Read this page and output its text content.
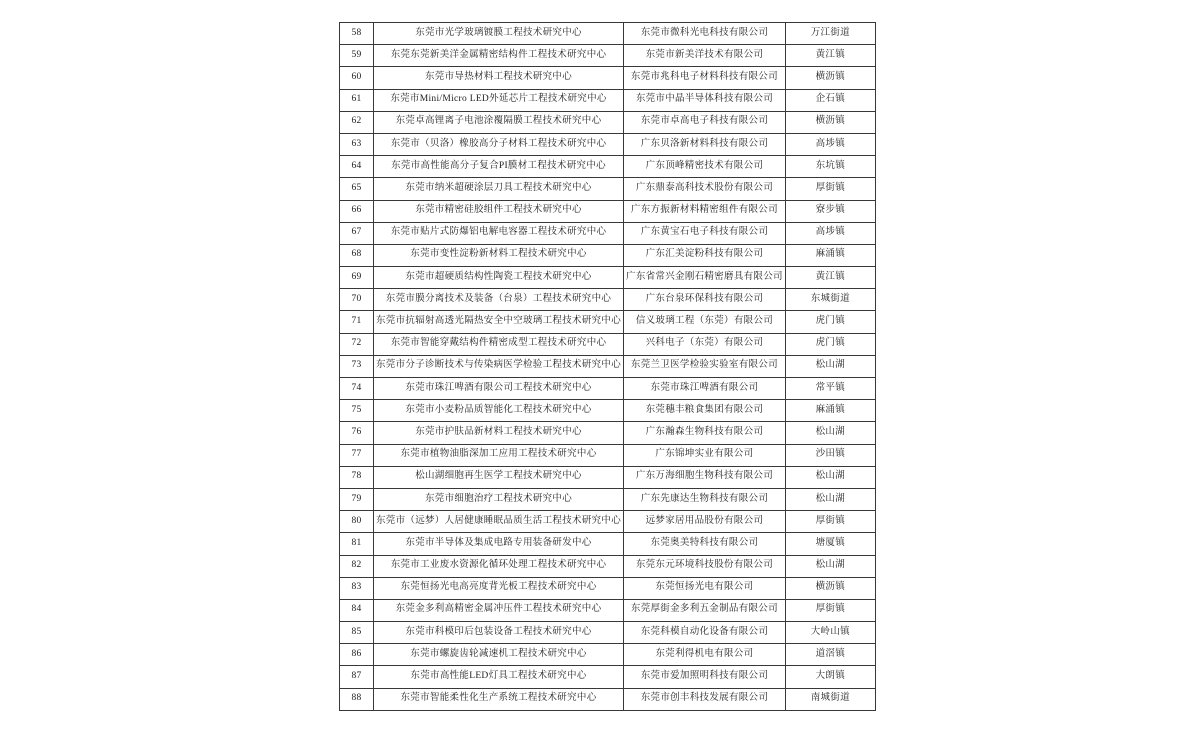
58	东莞市光学玻璃镀膜工程技术研究中心	东莞市微科光电科技有限公司	万江街道
59	东莞东莞新美洋金属精密结构件工程技术研究中心	东莞市新美洋技术有限公司	黄江镇
60	东莞市导热材料工程技术研究中心	东莞市兆科电子材料科技有限公司	横沥镇
61	东莞市Mini/Micro LED外延芯片工程技术研究中心	东莞市中晶半导体科技有限公司	企石镇
62	东莞卓高锂离子电池涂覆隔膜工程技术研究中心	东莞市卓高电子科技有限公司	横沥镇
63	东莞市（贝洛）橡胶高分子材料工程技术研究中心	广东贝洛新材料科技有限公司	高埗镇
64	东莞市高性能高分子复合PI膜材工程技术研究中心	广东顶峰精密技术有限公司	东坑镇
65	东莞市纳米超硬涂层刀具工程技术研究中心	广东鼎泰高科技术股份有限公司	厚街镇
66	东莞市精密硅胶组件工程技术研究中心	广东方振新材料精密组件有限公司	寮步镇
67	东莞市贴片式防爆铝电解电容器工程技术研究中心	广东黄宝石电子科技有限公司	高埗镇
68	东莞市变性淀粉新材料工程技术研究中心	广东汇美淀粉科技有限公司	麻涌镇
69	东莞市超硬质结构性陶瓷工程技术研究中心	广东省常兴金刚石精密磨具有限公司	黄江镇
70	东莞市膜分离技术及装备（台泉）工程技术研究中心	广东台泉环保科技有限公司	东城街道
71	东莞市抗辐射高透光隔热安全中空玻璃工程技术研究中心	信义玻璃工程（东莞）有限公司	虎门镇
72	东莞市智能穿戴结构件精密成型工程技术研究中心	兴科电子（东莞）有限公司	虎门镇
73	东莞市分子诊断技术与传染病医学检验工程技术研究中心	东莞兰卫医学检验实验室有限公司	松山湖
74	东莞市珠江啤酒有限公司工程技术研究中心	东莞市珠江啤酒有限公司	常平镇
75	东莞市小麦粉品质智能化工程技术研究中心	东莞穗丰粮食集团有限公司	麻涌镇
76	东莞市护肤品新材料工程技术研究中心	广东瀚森生物科技有限公司	松山湖
77	东莞市植物油脂深加工应用工程技术研究中心	广东锦坤实业有限公司	沙田镇
78	松山湖细胞再生医学工程技术研究中心	广东万海细胞生物科技有限公司	松山湖
79	东莞市细胞治疗工程技术研究中心	广东先康达生物科技有限公司	松山湖
80	东莞市（远梦）人居健康睡眠品质生活工程技术研究中心	远梦家居用品股份有限公司	厚街镇
81	东莞市半导体及集成电路专用装备研发中心	东莞奥美特科技有限公司	塘厦镇
82	东莞市工业废水资源化循环处理工程技术研究中心	东莞东元环境科技股份有限公司	松山湖
83	东莞恒扬光电高亮度背光板工程技术研究中心	东莞恒扬光电有限公司	横沥镇
84	东莞金多利高精密金属冲压件工程技术研究中心	东莞厚街金多利五金制品有限公司	厚街镇
85	东莞市科模印后包装设备工程技术研究中心	东莞科模自动化设备有限公司	大岭山镇
86	东莞市螺旋齿轮减速机工程技术研究中心	东莞利得机电有限公司	道滘镇
87	东莞市高性能LED灯具工程技术研究中心	东莞市爱加照明科技有限公司	大朗镇
88	东莞市智能柔性化生产系统工程技术研究中心	东莞市创丰科技发展有限公司	南城街道
